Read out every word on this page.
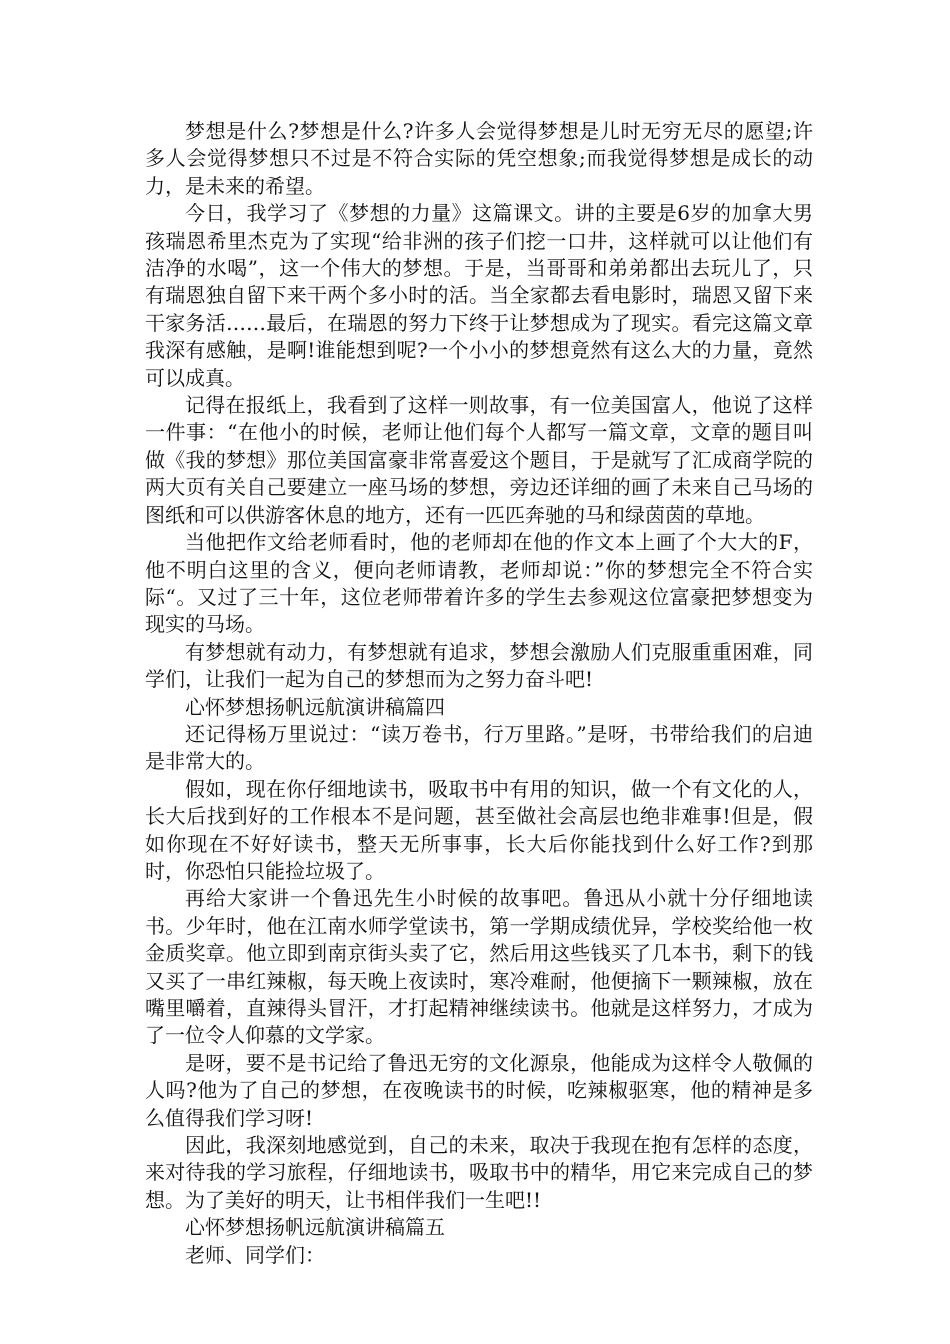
梦想是什么?梦想是什么?许多人会觉得梦想是儿时无穷无尽的愿望;许多人会觉得梦想只不过是不符合实际的凭空想象;而我觉得梦想是成长的动力，是未来的希望。

今日，我学习了《梦想的力量》这篇课文。讲的主要是6岁的加拿大男孩瑞恩希里杰克为了实现“给非洲的孩子们挖一口井，这样就可以让他们有洁净的水喝”，这一个伟大的梦想。于是，当哥哥和弟弟都出去玩儿了，只有瑞恩独自留下来干两个多小时的活。当全家都去看电影时，瑞恩又留下来干家务活……最后，在瑞恩的努力下终于让梦想成为了现实。看完这篇文章我深有感触，是啊!谁能想到呢?一个小小的梦想竟然有这么大的力量，竟然可以成真。

记得在报纸上，我看到了这样一则故事，有一位美国富人，他说了这样一件事：“在他小的时候，老师让他们每个人都写一篇文章，文章的题目叫做《我的梦想》那位美国富豪非常喜爱这个题目，于是就写了汇成商学院的两大页有关自己要建立一座马场的梦想，旁边还详细的画了未来自己马场的图纸和可以供游客休息的地方，还有一匹匹奔驰的马和绿茵茵的草地。

当他把作文给老师看时，他的老师却在他的作文本上画了个大大的F，他不明白这里的含义，便向老师请教，老师却说：”你的梦想完全不符合实际“。又过了三十年，这位老师带着许多的学生去参观这位富豪把梦想变为现实的马场。

有梦想就有动力，有梦想就有追求，梦想会激励人们克服重重困难，同学们，让我们一起为自己的梦想而为之努力奋斗吧!

心怀梦想扬帆远航演讲稿篇四

还记得杨万里说过：“读万卷书，行万里路。”是呀，书带给我们的启迪是非常大的。

假如，现在你仔细地读书，吸取书中有用的知识，做一个有文化的人，长大后找到好的工作根本不是问题，甚至做社会高层也绝非难事!但是，假如你现在不好好读书，整天无所事事，长大后你能找到什么好工作?到那时，你恐怕只能捡垃圾了。

再给大家讲一个鲁迅先生小时候的故事吧。鲁迅从小就十分仔细地读书。少年时，他在江南水师学堂读书，第一学期成绩优异，学校奖给他一枚金质奖章。他立即到南京街头卖了它，然后用这些钱买了几本书，剩下的钱又买了一串红辣椒，每天晚上夜读时，寒冷难耐，他便摘下一颗辣椒，放在嘴里嚼着，直辣得头冒汗，才打起精神继续读书。他就是这样努力，才成为了一位令人仰慕的文学家。

是呀，要不是书记给了鲁迅无穷的文化源泉，他能成为这样令人敬佩的人吗?他为了自己的梦想，在夜晚读书的时候，吃辣椒驱寒，他的精神是多么值得我们学习呀!

因此，我深刻地感觉到，自己的未来，取决于我现在抱有怎样的态度，来对待我的学习旅程，仔细地读书，吸取书中的精华，用它来完成自己的梦想。为了美好的明天，让书相伴我们一生吧!!

心怀梦想扬帆远航演讲稿篇五

老师、同学们：
